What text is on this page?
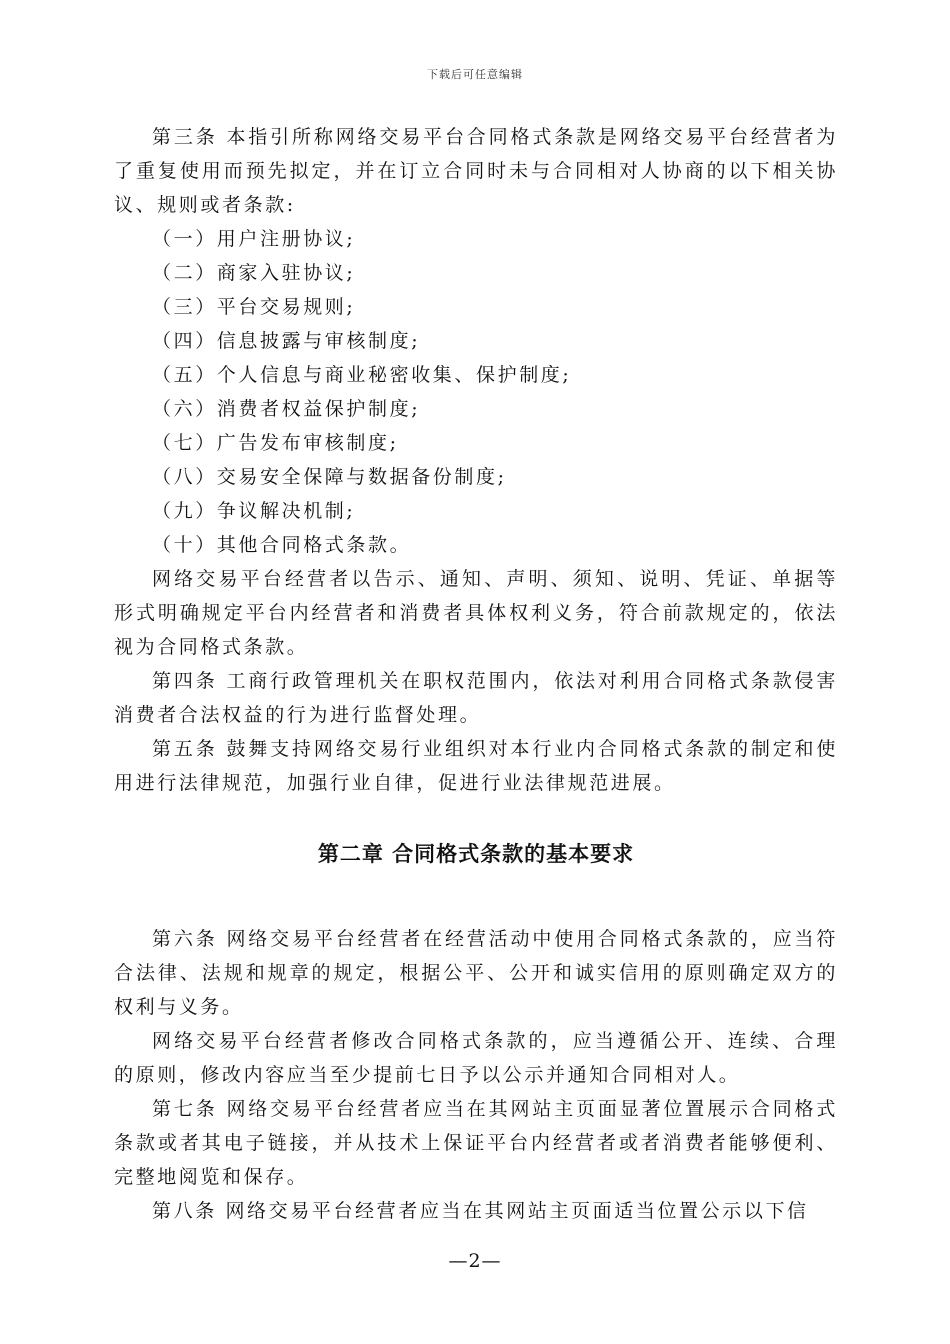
下载后可任意编辑

第三条 本指引所称网络交易平台合同格式条款是网络交易平台经营者为了重复使用而预先拟定，并在订立合同时未与合同相对人协商的以下相关协议、规则或者条款:

（一）用户注册协议;

（二）商家入驻协议;

（三）平台交易规则;

（四）信息披露与审核制度;

（五）个人信息与商业秘密收集、保护制度;

（六）消费者权益保护制度;

（七）广告发布审核制度;

（八）交易安全保障与数据备份制度;

（九）争议解决机制;

（十）其他合同格式条款。

网络交易平台经营者以告示、通知、声明、须知、说明、凭证、单据等形式明确规定平台内经营者和消费者具体权利义务，符合前款规定的，依法视为合同格式条款。

第四条 工商行政管理机关在职权范围内，依法对利用合同格式条款侵害消费者合法权益的行为进行监督处理。

第五条 鼓舞支持网络交易行业组织对本行业内合同格式条款的制定和使用进行法律规范，加强行业自律，促进行业法律规范进展。

第二章 合同格式条款的基本要求

第六条 网络交易平台经营者在经营活动中使用合同格式条款的，应当符合法律、法规和规章的规定，根据公平、公开和诚实信用的原则确定双方的权利与义务。

网络交易平台经营者修改合同格式条款的，应当遵循公开、连续、合理的原则，修改内容应当至少提前七日予以公示并通知合同相对人。

第七条 网络交易平台经营者应当在其网站主页面显著位置展示合同格式条款或者其电子链接，并从技术上保证平台内经营者或者消费者能够便利、完整地阅览和保存。

第八条 网络交易平台经营者应当在其网站主页面适当位置公示以下信

—2—
